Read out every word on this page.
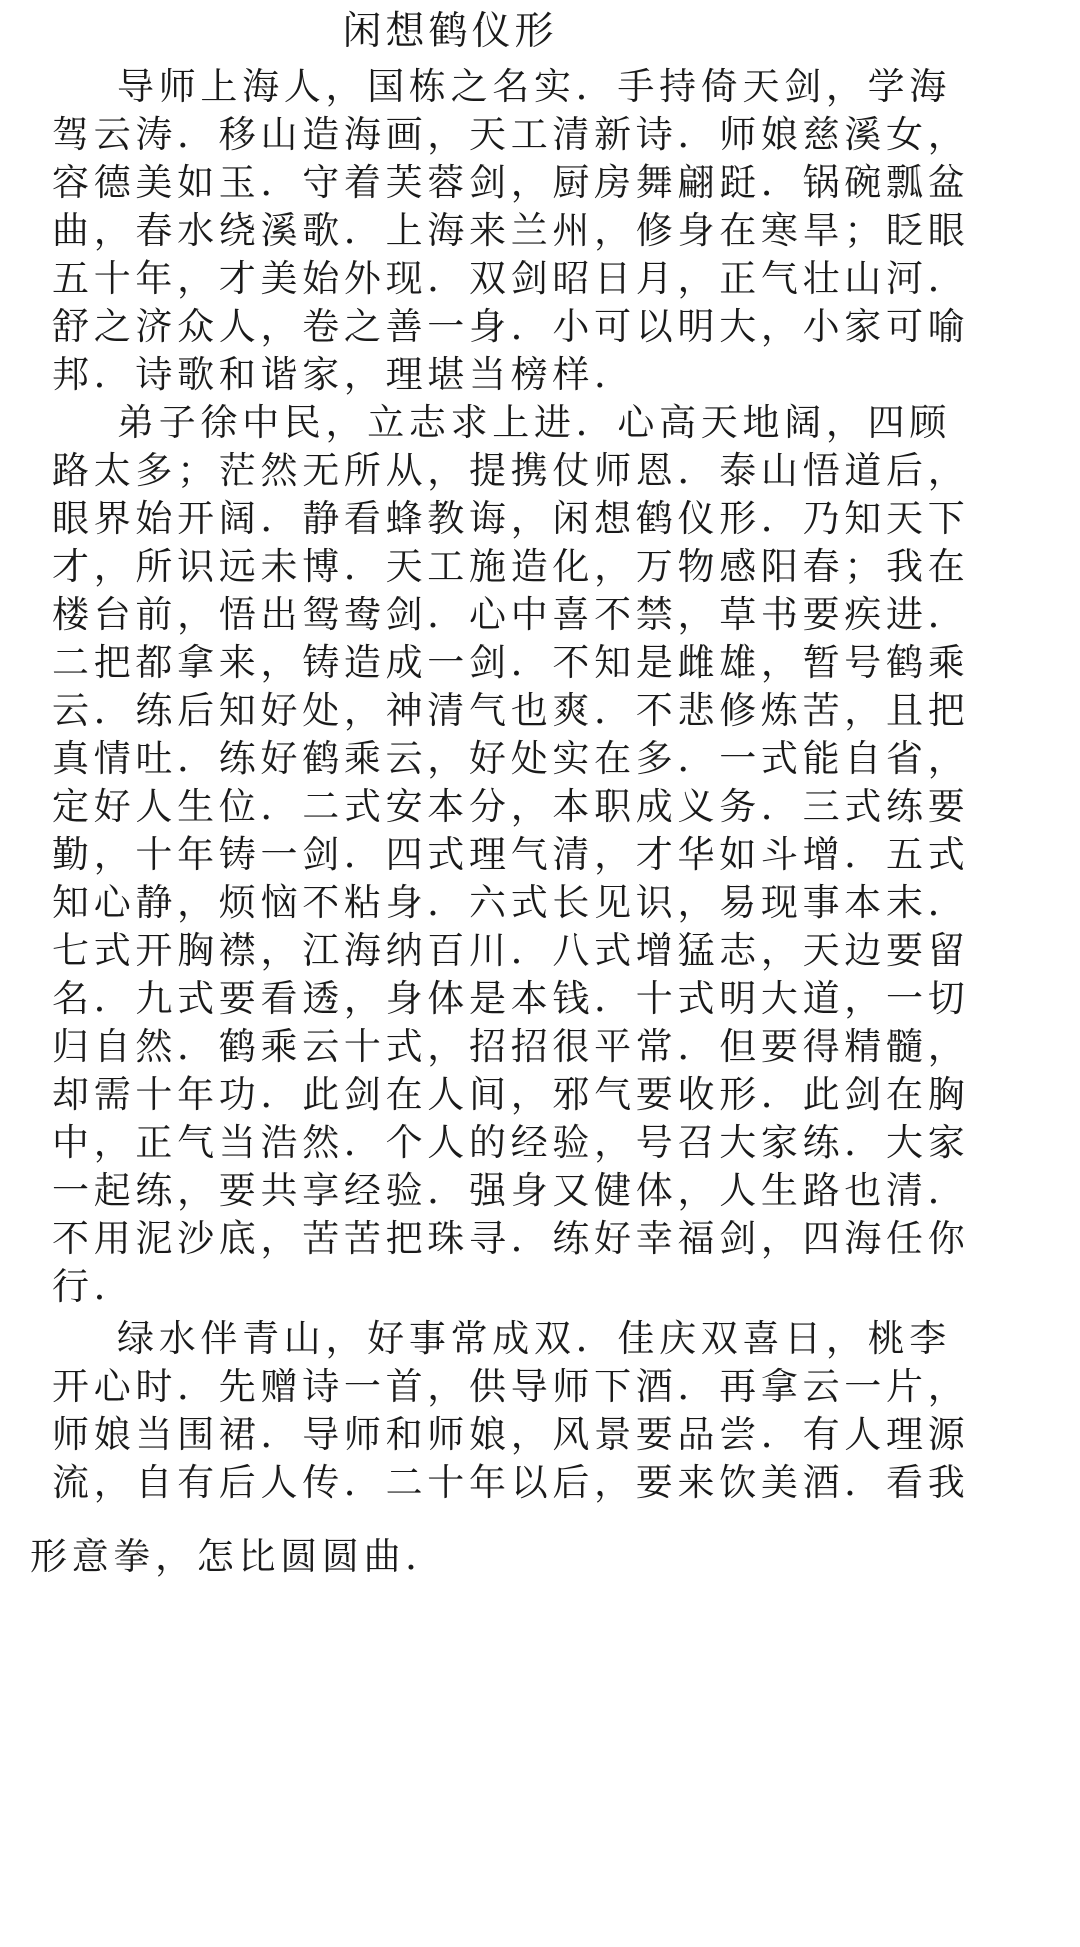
闲想鹤仪形
导师上海人，国栋之名实．手持倚天剑，学海
驾云涛．移山造海画，天工清新诗．师娘慈溪女，
容德美如玉．守着芙蓉剑，厨房舞翩跹．锅碗瓢盆
曲，春水绕溪歌．上海来兰州，修身在寒旱；眨眼
五十年，才美始外现．双剑昭日月，正气壮山河．
舒之济众人，卷之善一身．小可以明大，小家可喻
邦．诗歌和谐家，理堪当榜样．
弟子徐中民，立志求上进．心高天地阔，四顾
路太多；茫然无所从，提携仗师恩．泰山悟道后，
眼界始开阔．静看蜂教诲，闲想鹤仪形．乃知天下
才，所识远未博．天工施造化，万物感阳春；我在
楼台前，悟出鸳鸯剑．心中喜不禁，草书要疾进．
二把都拿来，铸造成一剑．不知是雌雄，暂号鹤乘
云．练后知好处，神清气也爽．不悲修炼苦，且把
真情吐．练好鹤乘云，好处实在多．一式能自省，
定好人生位．二式安本分，本职成义务．三式练要
勤，十年铸一剑．四式理气清，才华如斗增．五式
知心静，烦恼不粘身．六式长见识，易现事本末．
七式开胸襟，江海纳百川．八式增猛志，天边要留
名．九式要看透，身体是本钱．十式明大道，一切
归自然．鹤乘云十式，招招很平常．但要得精髓，
却需十年功．此剑在人间，邪气要收形．此剑在胸
中，正气当浩然．个人的经验，号召大家练．大家
一起练，要共享经验．强身又健体，人生路也清．
不用泥沙底，苦苦把珠寻．练好幸福剑，四海任你
行．
绿水伴青山，好事常成双．佳庆双喜日，桃李
开心时．先赠诗一首，供导师下酒．再拿云一片，
师娘当围裙．导师和师娘，风景要品尝．有人理源
流，自有后人传．二十年以后，要来饮美酒．看我
形意拳，怎比圆圆曲．
